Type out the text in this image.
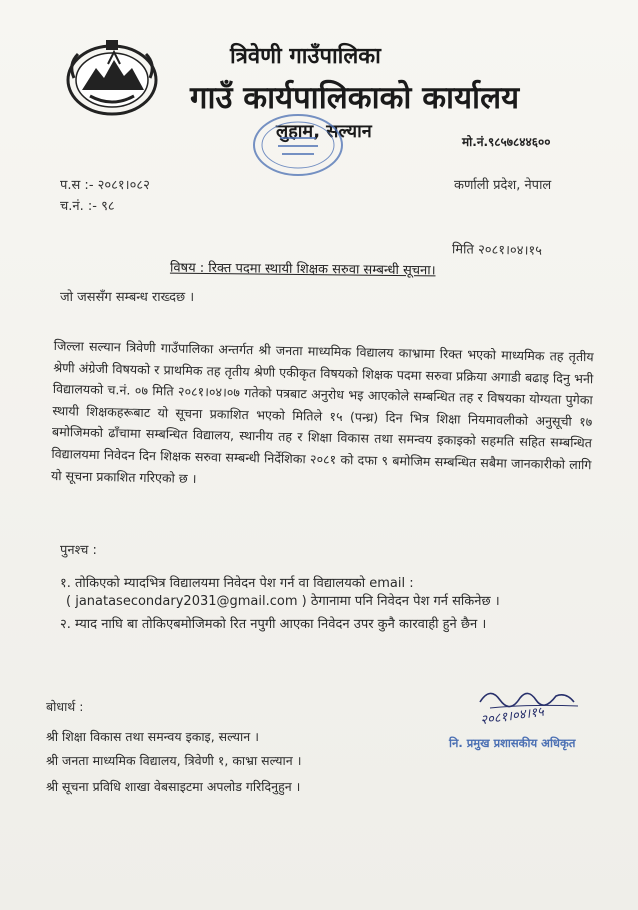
त्रिवेणी गाउँपालिका
गाउँ कार्यपालिकाको कार्यालय
लुहाम, सल्यान	मो.नं.९८५७८४४६००
प.स :- २०८१।०८२
च.नं. :- ९८
कर्णाली प्रदेश, नेपाल
मिति २०८१।०४।१५
विषय : रिक्त पदमा स्थायी शिक्षक सरुवा सम्बन्धी सूचना।
जो जससँग सम्बन्ध राख्दछ ।
जिल्ला सल्यान त्रिवेणी गाउँपालिका अन्तर्गत श्री जनता माध्यमिक विद्यालय काभ्रामा रिक्त भएको माध्यमिक तह तृतीय श्रेणी अंग्रेजी विषयको र प्राथमिक तह तृतीय श्रेणी एकीकृत विषयको शिक्षक पदमा सरुवा प्रक्रिया अगाडी बढाइ दिनु भनी विद्यालयको च.नं. ०७ मिति २०८१।०४।०७ गतेको पत्रबाट अनुरोध भइ आएकोले सम्बन्धित तह र विषयका योग्यता पुगेका स्थायी शिक्षकहरूबाट यो सूचना प्रकाशित भएको मितिले १५ (पन्ध्र) दिन भित्र शिक्षा नियमावलीको अनुसूची १७ बमोजिमको ढाँचामा सम्बन्धित विद्यालय, स्थानीय तह र शिक्षा विकास तथा समन्वय इकाइको सहमति सहित सम्बन्धित विद्यालयमा निवेदन दिन शिक्षक सरुवा सम्बन्धी निर्देशिका २०८१ को दफा ९ बमोजिम सम्बन्धित सबैमा जानकारीको लागि यो सूचना प्रकाशित गरिएको छ ।
पुनश्च :
१. तोकिएको म्यादभित्र विद्यालयमा निवेदन पेश गर्न वा विद्यालयको email :
( janatasecondary2031@gmail.com ) ठेगानामा पनि निवेदन पेश गर्न सकिनेछ ।
२. म्याद नाघि बा तोकिएबमोजिमको रित नपुगी आएका निवेदन उपर कुनै कारवाही हुने छैन ।
२०८१।०४।१५
नि. प्रमुख प्रशासकीय अधिकृत
बोधार्थ :
श्री शिक्षा विकास तथा समन्वय इकाइ, सल्यान ।
श्री जनता माध्यमिक विद्यालय, त्रिवेणी १, काभ्रा सल्यान ।
श्री सूचना प्रविधि शाखा वेबसाइटमा अपलोड गरिदिनुहुन ।
